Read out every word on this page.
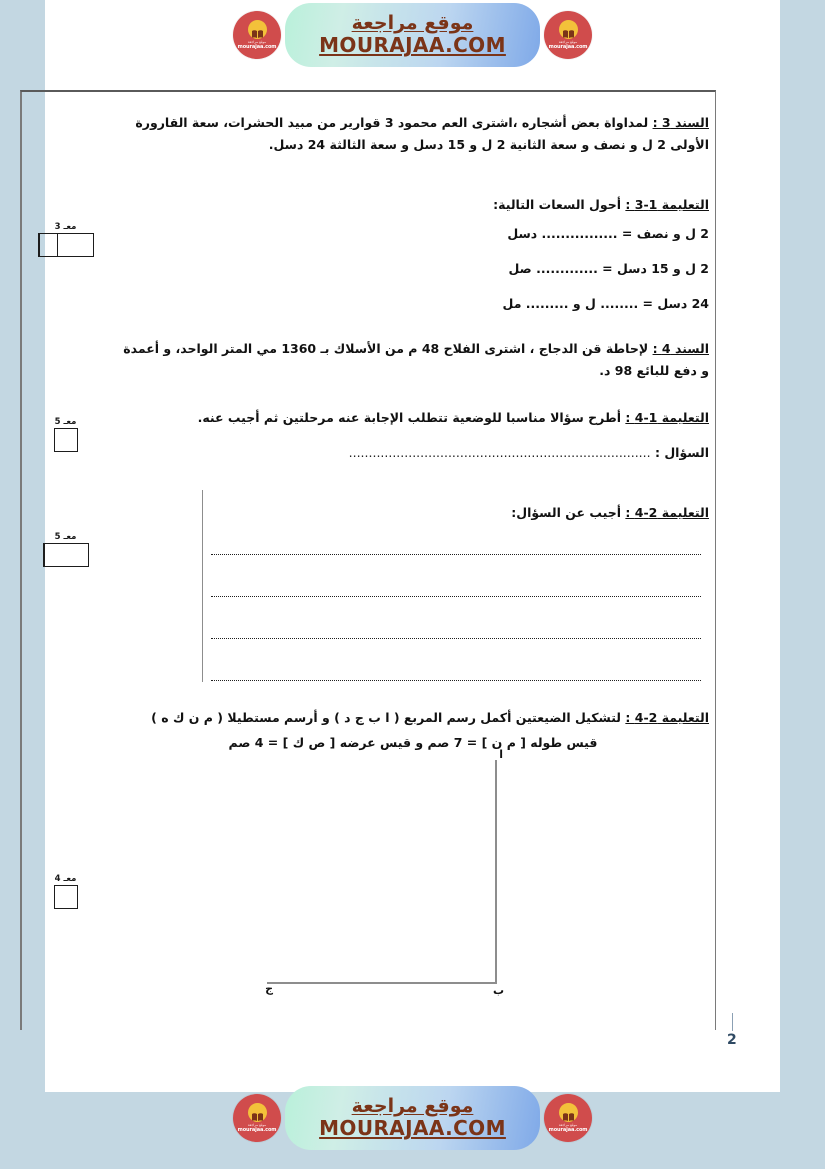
موقع مراجعة
mourajaa.com
موقع مراجعة
MOURAJAA.COM	موقع مراجعة
mourajaa.com
معـ 3
معـ 5
معـ 5
معـ 4
السند 3 : لمداواة بعض أشجاره ،اشترى العم محمود 3 قوارير من مبيد الحشرات، سعة القارورة الأولى 2 ل و نصف و سعة الثانية 2 ل و 15 دسل و سعة الثالثة 24 دسل.
التعليمة 1-3 : أحول السعات التالية:
2 ل و نصف = ................ دسل
2 ل و 15 دسل = ............. صل
24 دسل = ........ ل و ......... مل
السند 4 : لإحاطة قن الدجاج ، اشترى الفلاح 48 م من الأسلاك بـ 1360 مي المتر الواحد، و أعمدة و دفع للبائع 98 د.
التعليمة 1-4 : أطرح سؤالا مناسبا للوضعية تتطلب الإجابة عنه مرحلتين ثم أجيب عنه.
السؤال : ............................................................................
التعليمة 2-4 : أجيب عن السؤال:
التعليمة 2-4 : لتشكيل الضيعتين أكمل رسم المربع ( ا ب ج د ) و أرسم مستطيلا ( م ن ك ه )
قيس طوله [ م ن ] = 7 صم و قيس عرضه [ ص ك ] = 4 صم
ا
ب
ج
2
موقع مراجعة
mourajaa.com
موقع مراجعة
MOURAJAA.COM	موقع مراجعة
mourajaa.com
